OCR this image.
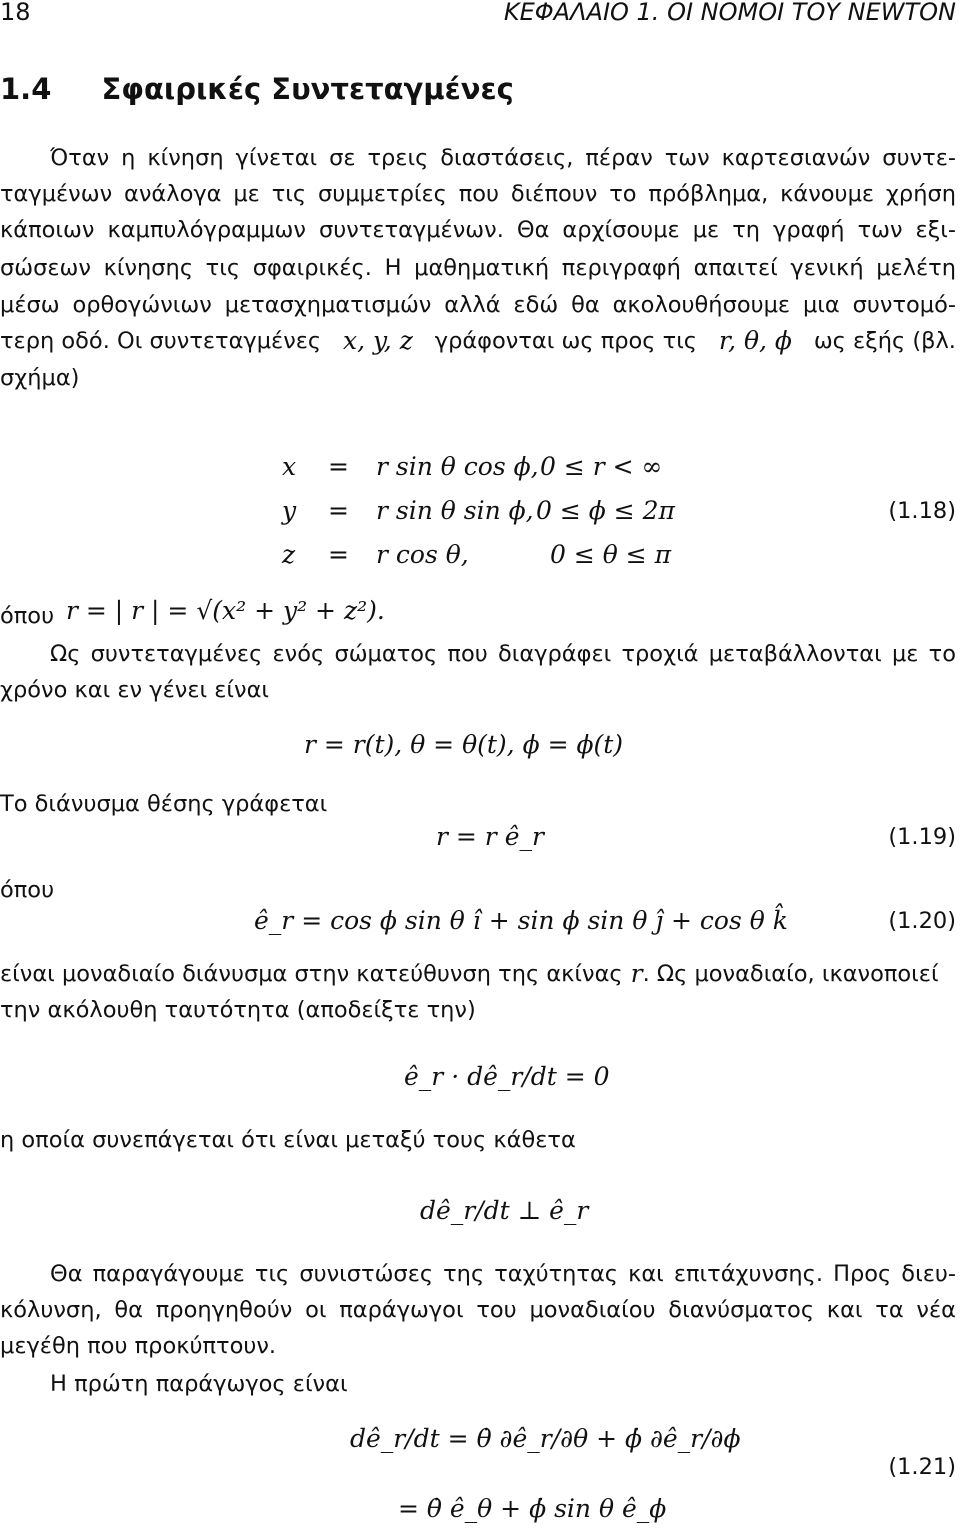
18	ΚΕΦΑΛΑΙΟ 1. ΟΙ ΝΟΜΟΙ ΤΟΥ ΝΕWΤΟΝ
1.4 Σφαιρικές Συντεταγμένες
Όταν η κίνηση γίνεται σε τρεις διαστάσεις, πέραν των καρτεσιανών συντε-
ταγμένων ανάλογα με τις συμμετρίες που διέπουν το πρόβλημα, κάνουμε χρήση
κάποιων καμπυλόγραμμων συντεταγμένων. Θα αρχίσουμε με τη γραφή των εξι-
σώσεων κίνησης τις σφαιρικές. Η μαθηματική περιγραφή απαιτεί γενική μελέτη
μέσω ορθογώνιων μετασχηματισμών αλλά εδώ θα ακολουθήσουμε μια συντομό-
τερη οδό. Οι συντεταγμένες x, y, z γράφονται ως προς τις r, θ, ϕ ως εξής (βλ.
σχήμα)
x = r sin θ cos ϕ, 0 ≤ r < ∞
y = r sin θ sin ϕ, 0 ≤ ϕ ≤ 2π	(1.18)
z = r cos θ,	0 ≤ θ ≤ π
όπου r = | r | = √(x² + y² + z²).
Ως συντεταγμένες ενός σώματος που διαγράφει τροχιά μεταβάλλονται με το
χρόνο και εν γένει είναι
r = r(t), θ = θ(t), ϕ = ϕ(t)
Το διάνυσμα θέσης γράφεται
r = r ê_r	(1.19)
όπου
ê_r = cos ϕ sin θ î + sin ϕ sin θ ĵ + cos θ k̂	(1.20)
είναι μοναδιαίο διάνυσμα στην κατεύθυνση της ακίνας r . Ως μοναδιαίο, ικανοποιεί
την ακόλουθη ταυτότητα (αποδείξτε την)
ê_r · dê_r/dt = 0
η οποία συνεπάγεται ότι είναι μεταξύ τους κάθετα
dê_r/dt ⊥ ê_r
Θα παραγάγουμε τις συνιστώσες της ταχύτητας και επιτάχυνσης. Προς διευ-
κόλυνση, θα προηγηθούν οι παράγωγοι του μοναδιαίου διανύσματος και τα νέα
μεγέθη που προκύπτουν.
Η πρώτη παράγωγος είναι
dê_r/dt = θ̇ ∂ê_r/∂θ + ϕ̇ ∂ê_r/∂ϕ
(1.21)
= θ̇ ê_θ + ϕ̇ sin θ ê_ϕ
